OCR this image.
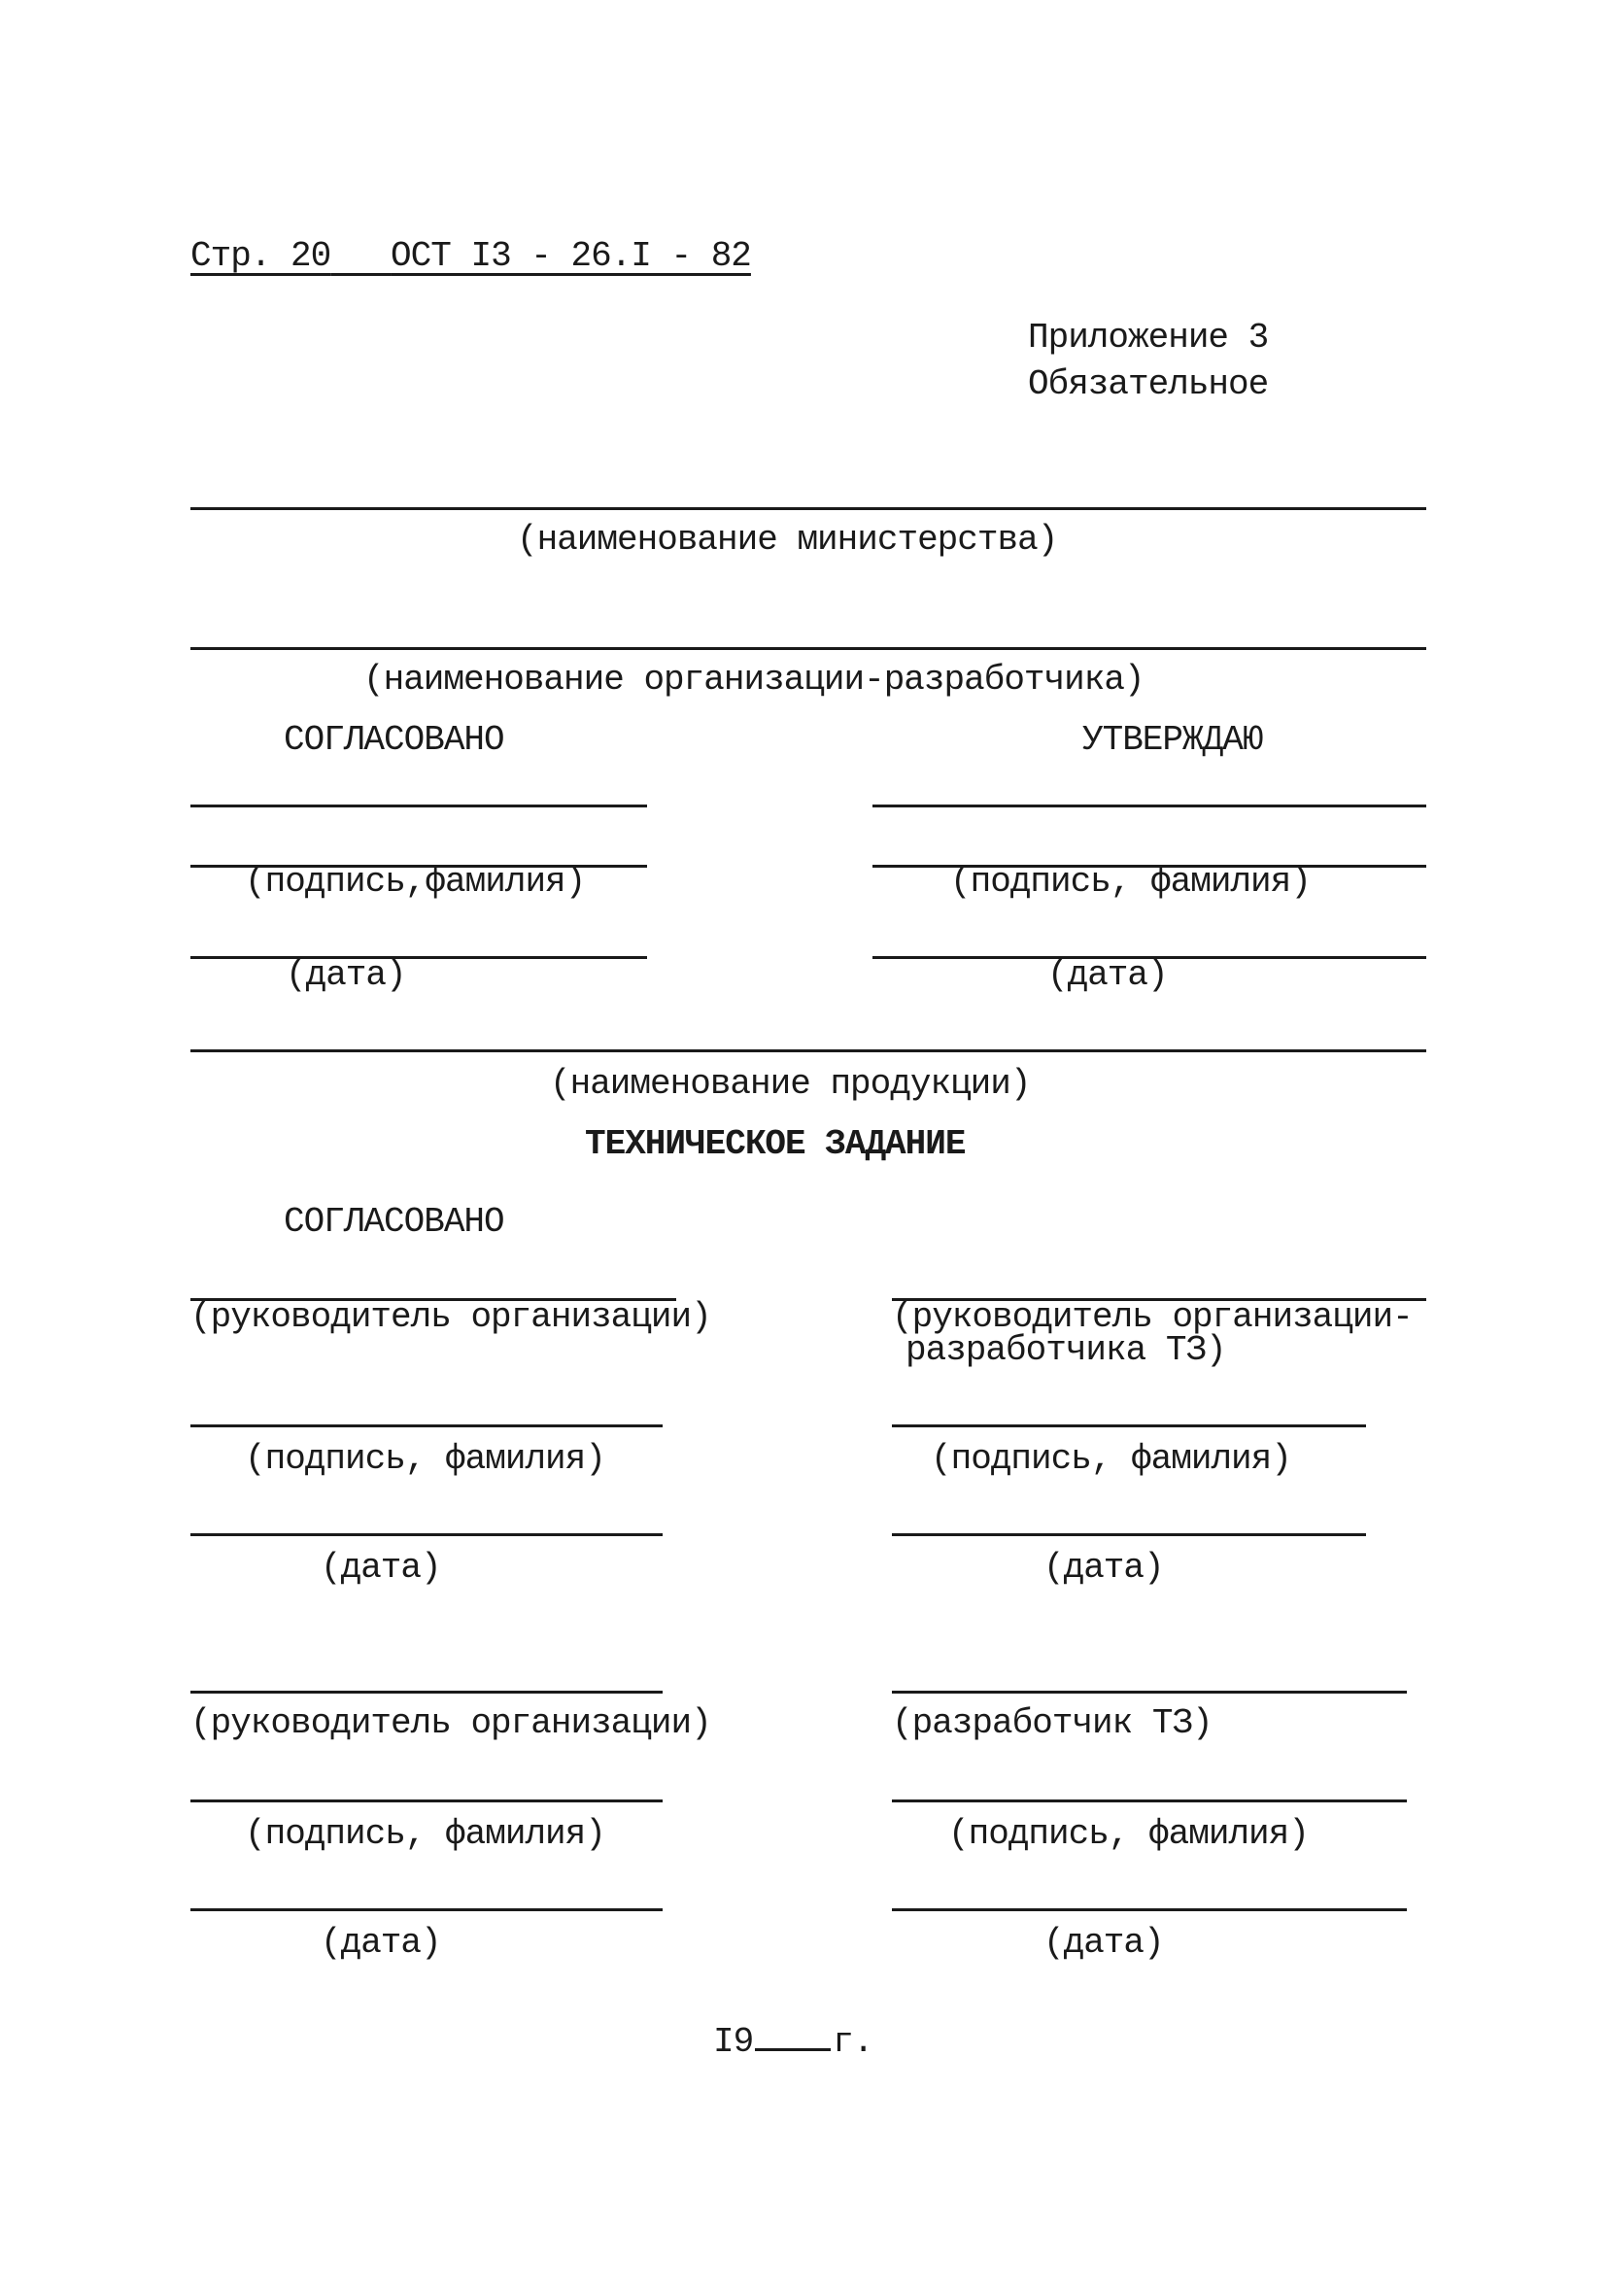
Стр. 20 ОСТ I3 - 26.I - 82
Приложение 3
Обязательное
(наименование министерства)
(наименование организации-разработчика)
СОГЛАСОВАНО	УТВЕРЖДАЮ
(подпись,фамилия)	(подпись, фамилия)
(дата)	(дата)
(наименование продукции)
ТЕХНИЧЕСКОЕ ЗАДАНИЕ
СОГЛАСОВАНО
(руководитель организации)	(руководитель организации-
разработчика ТЗ)
(подпись, фамилия)	(подпись, фамилия)
(дата)	(дата)
(руководитель организации)	(разработчик ТЗ)
(подпись, фамилия)	(подпись, фамилия)
(дата)	(дата)
I9 г.
